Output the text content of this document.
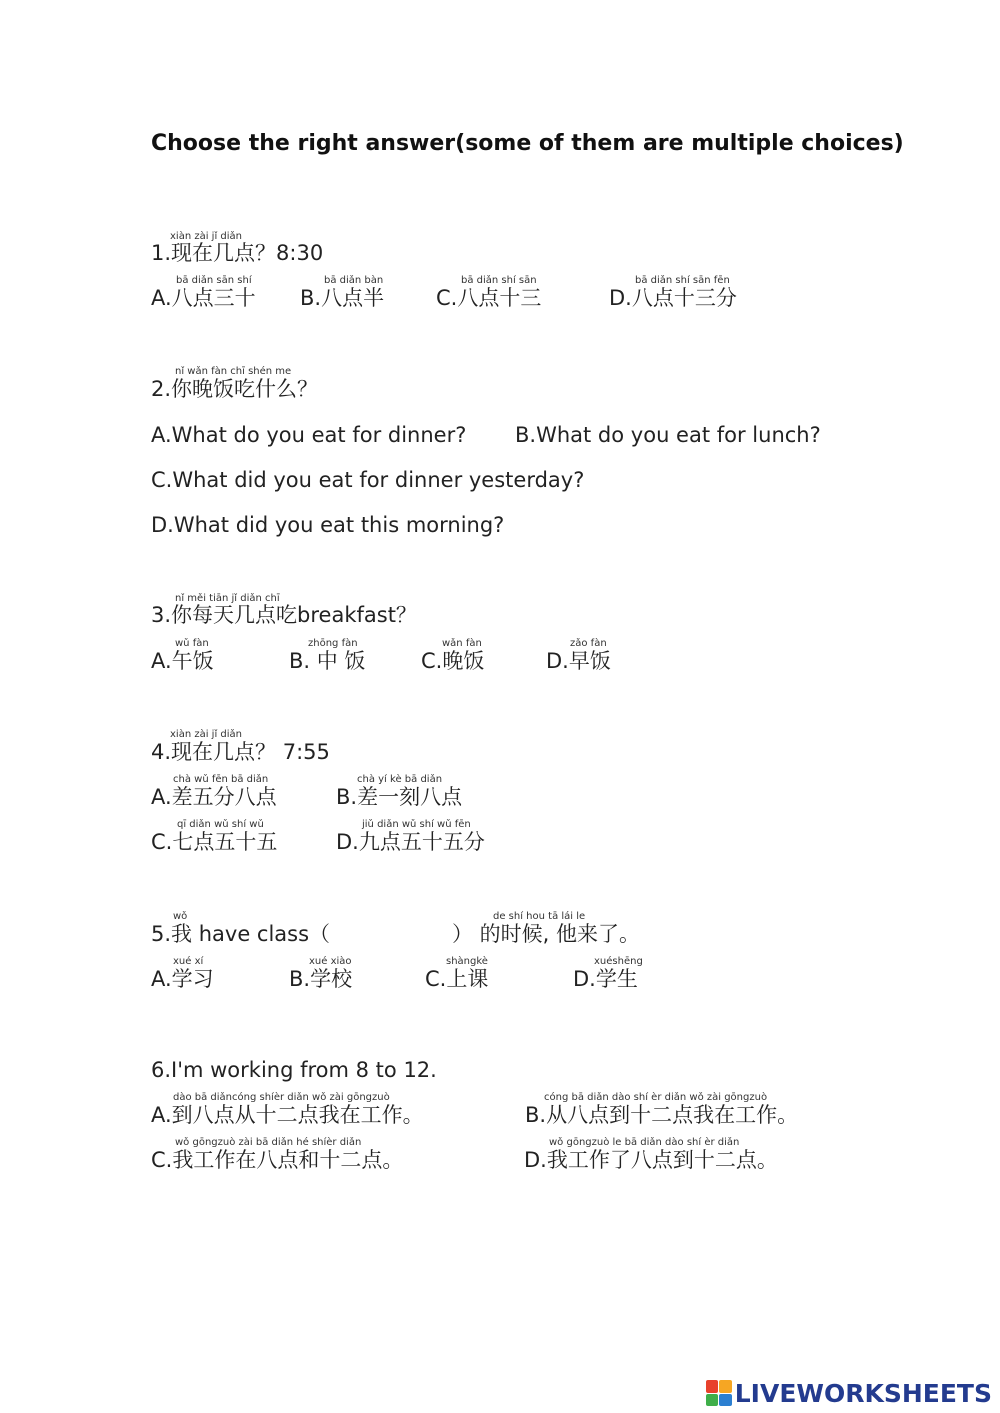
Choose the right answer(some of them are multiple choices)
xiàn zài jǐ diǎn
1.现在几点？8:30
bā diǎn sān shí
A.八点三十
bā diǎn bàn
B.八点半
bā diǎn shí sān
C.八点十三
bā diǎn shí sān fēn
D.八点十三分
nǐ wǎn fàn chī shén me
2.你晚饭吃什么？
A.What do you eat for dinner? B.What do you eat for lunch?
C.What did you eat for dinner yesterday?
D.What did you eat this morning?
nǐ měi tiān jǐ diǎn chī
3.你每天几点吃breakfast？
wǔ fàn
A.午饭
zhōng fàn
B. 中 饭
wǎn fàn
C.晚饭
zǎo fàn
D.早饭
xiàn zài jǐ diǎn
4.现在几点？ 7:55
chà wǔ fēn bā diǎn
A.差五分八点
chà yí kè bā diǎn
B.差一刻八点
qī diǎn wǔ shí wǔ
C.七点五十五
jiǔ diǎn wǔ shí wǔ fēn
D.九点五十五分
wǒ
5.我 have class（
de shí hou tā lái le
） 的时候, 他来了。
xué xí
A.学习
xué xiào
B.学校
shàngkè
C.上课
xuéshēng
D.学生
6.I'm working from 8 to 12.
dào bā diǎncóng shíèr diǎn wǒ zài gōngzuò
A.到八点从十二点我在工作。
cóng bā diǎn dào shí èr diǎn wǒ zài gōngzuò
B.从八点到十二点我在工作。
wǒ gōngzuò zài bā diǎn hé shíèr diǎn
C.我工作在八点和十二点。
wǒ gōngzuò le bā diǎn dào shí èr diǎn
D.我工作了八点到十二点。
LIVEWORKSHEETS
